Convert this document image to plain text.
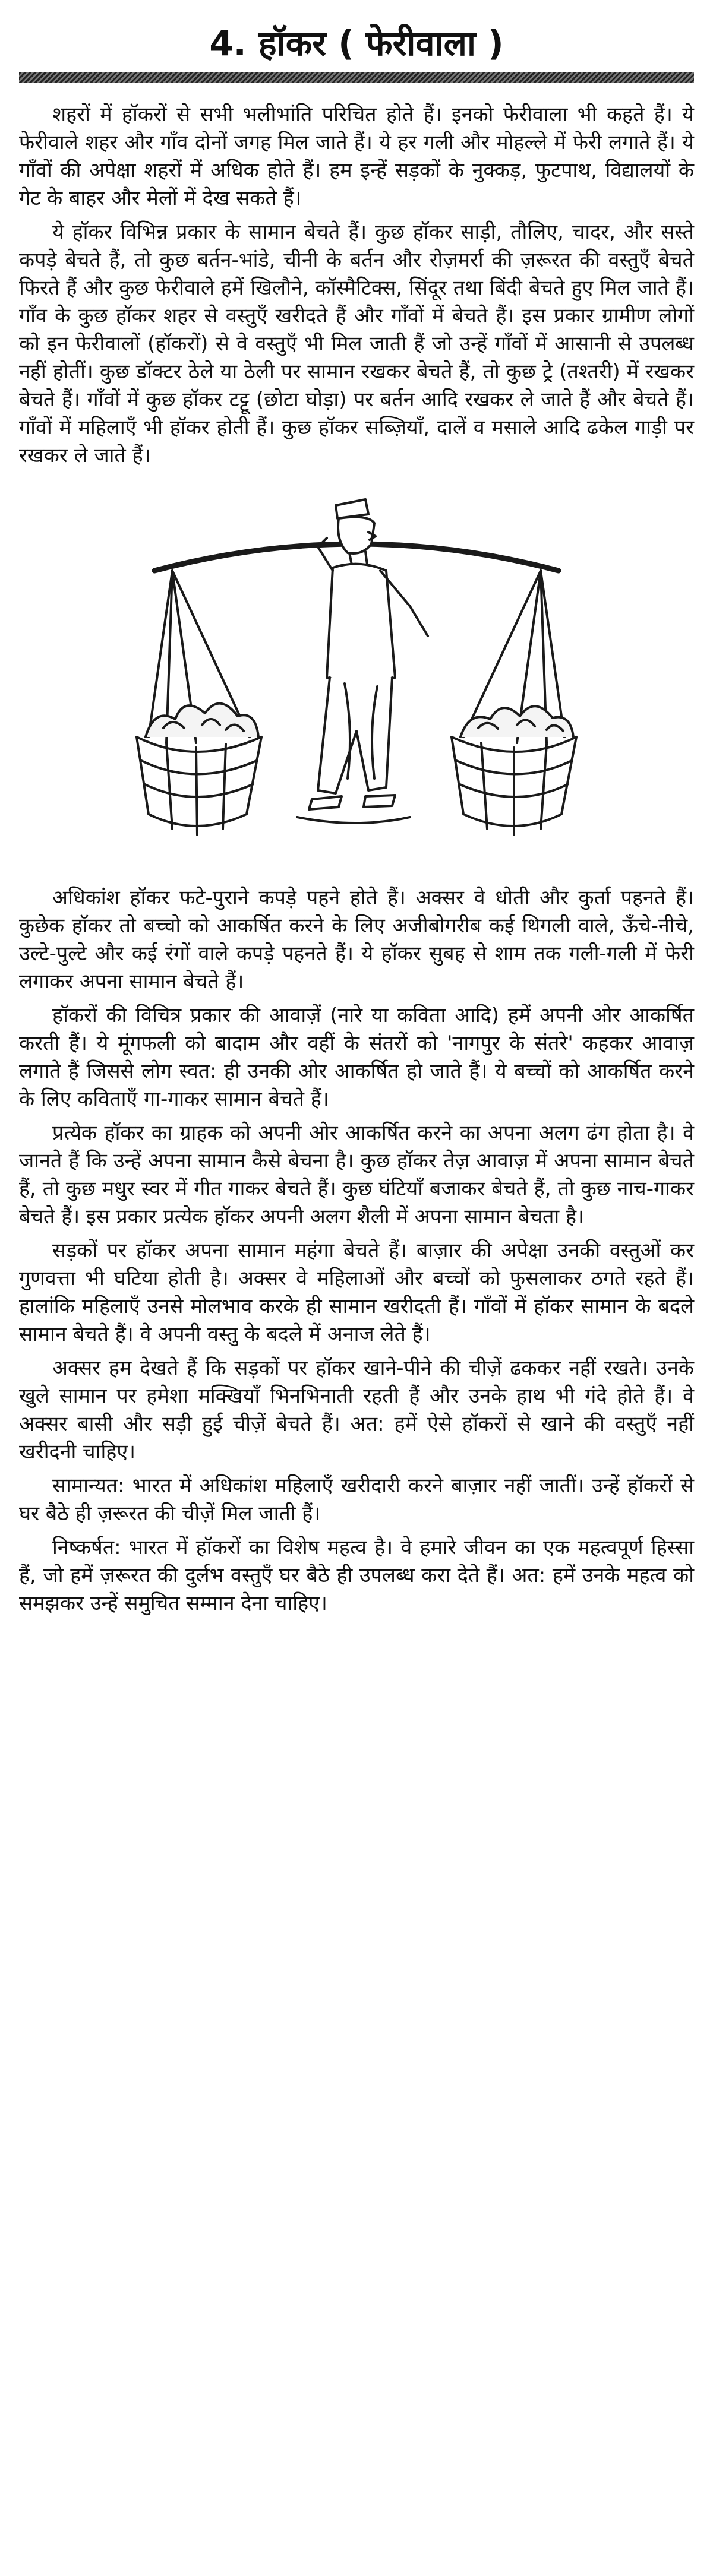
4. हॉकर ( फेरीवाला )

शहरों में हॉकरों से सभी भलीभांति परिचित होते हैं। इनको फेरीवाला भी कहते हैं। ये फेरीवाले शहर और गाँव दोनों जगह मिल जाते हैं। ये हर गली और मोहल्ले में फेरी लगाते हैं। ये गाँवों की अपेक्षा शहरों में अधिक होते हैं। हम इन्हें सड़कों के नुक्कड़, फुटपाथ, विद्यालयों के गेट के बाहर और मेलों में देख सकते हैं।

ये हॉकर विभिन्न प्रकार के सामान बेचते हैं। कुछ हॉकर साड़ी, तौलिए, चादर, और सस्ते कपड़े बेचते हैं, तो कुछ बर्तन-भांडे, चीनी के बर्तन और रोज़मर्रा की ज़रूरत की वस्तुएँ बेचते फिरते हैं और कुछ फेरीवाले हमें खिलौने, कॉस्मैटिक्स, सिंदूर तथा बिंदी बेचते हुए मिल जाते हैं। गाँव के कुछ हॉकर शहर से वस्तुएँ खरीदते हैं और गाँवों में बेचते हैं। इस प्रकार ग्रामीण लोगों को इन फेरीवालों (हॉकरों) से वे वस्तुएँ भी मिल जाती हैं जो उन्हें गाँवों में आसानी से उपलब्ध नहीं होतीं। कुछ डॉक्टर ठेले या ठेली पर सामान रखकर बेचते हैं, तो कुछ ट्रे (तश्तरी) में रखकर बेचते हैं। गाँवों में कुछ हॉकर टट्टू (छोटा घोड़ा) पर बर्तन आदि रखकर ले जाते हैं और बेचते हैं। गाँवों में महिलाएँ भी हॉकर होती हैं। कुछ हॉकर सब्ज़ियाँ, दालें व मसाले आदि ढकेल गाड़ी पर रखकर ले जाते हैं।

अधिकांश हॉकर फटे-पुराने कपड़े पहने होते हैं। अक्सर वे धोती और कुर्ता पहनते हैं। कुछेक हॉकर तो बच्चो को आकर्षित करने के लिए अजीबोगरीब कई थिगली वाले, ऊँचे-नीचे, उल्टे-पुल्टे और कई रंगों वाले कपड़े पहनते हैं। ये हॉकर सुबह से शाम तक गली-गली में फेरी लगाकर अपना सामान बेचते हैं।

हॉकरों की विचित्र प्रकार की आवाज़ें (नारे या कविता आदि) हमें अपनी ओर आकर्षित करती हैं। ये मूंगफली को बादाम और वहीं के संतरों को 'नागपुर के संतरे' कहकर आवाज़ लगाते हैं जिससे लोग स्वत: ही उनकी ओर आकर्षित हो जाते हैं। ये बच्चों को आकर्षित करने के लिए कविताएँ गा-गाकर सामान बेचते हैं।

प्रत्येक हॉकर का ग्राहक को अपनी ओर आकर्षित करने का अपना अलग ढंग होता है। वे जानते हैं कि उन्हें अपना सामान कैसे बेचना है। कुछ हॉकर तेज़ आवाज़ में अपना सामान बेचते हैं, तो कुछ मधुर स्वर में गीत गाकर बेचते हैं। कुछ घंटियाँ बजाकर बेचते हैं, तो कुछ नाच-गाकर बेचते हैं। इस प्रकार प्रत्येक हॉकर अपनी अलग शैली में अपना सामान बेचता है।

सड़कों पर हॉकर अपना सामान महंगा बेचते हैं। बाज़ार की अपेक्षा उनकी वस्तुओं कर गुणवत्ता भी घटिया होती है। अक्सर वे महिलाओं और बच्चों को फुसलाकर ठगते रहते हैं। हालांकि महिलाएँ उनसे मोलभाव करके ही सामान खरीदती हैं। गाँवों में हॉकर सामान के बदले सामान बेचते हैं। वे अपनी वस्तु के बदले में अनाज लेते हैं।

अक्सर हम देखते हैं कि सड़कों पर हॉकर खाने-पीने की चीज़ें ढककर नहीं रखते। उनके खुले सामान पर हमेशा मक्खियाँ भिनभिनाती रहती हैं और उनके हाथ भी गंदे होते हैं। वे अक्सर बासी और सड़ी हुई चीज़ें बेचते हैं। अत: हमें ऐसे हॉकरों से खाने की वस्तुएँ नहीं खरीदनी चाहिए।

सामान्यत: भारत में अधिकांश महिलाएँ खरीदारी करने बाज़ार नहीं जातीं। उन्हें हॉकरों से घर बैठे ही ज़रूरत की चीज़ें मिल जाती हैं।

निष्कर्षत: भारत में हॉकरों का विशेष महत्व है। वे हमारे जीवन का एक महत्वपूर्ण हिस्सा हैं, जो हमें ज़रूरत की दुर्लभ वस्तुएँ घर बैठे ही उपलब्ध करा देते हैं। अत: हमें उनके महत्व को समझकर उन्हें समुचित सम्मान देना चाहिए।
